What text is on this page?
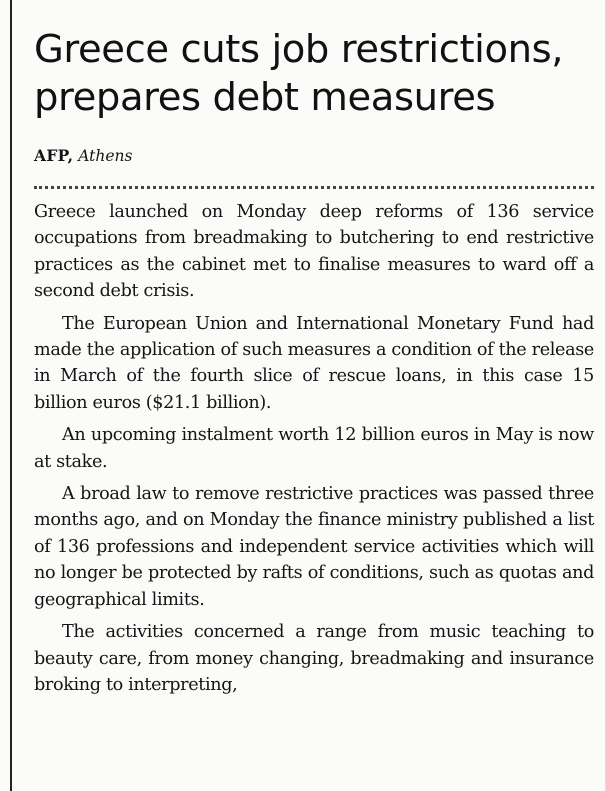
Greece cuts job restrictions, prepares debt measures
AFP, Athens

Greece launched on Monday deep reforms of 136 service occupations from breadmaking to butchering to end restrictive practices as the cabinet met to finalise measures to ward off a second debt crisis.

The European Union and International Monetary Fund had made the application of such measures a condition of the release in March of the fourth slice of rescue loans, in this case 15 billion euros ($21.1 billion).

An upcoming instalment worth 12 billion euros in May is now at stake.

A broad law to remove restrictive practices was passed three months ago, and on Monday the finance ministry published a list of 136 professions and independent service activities which will no longer be protected by rafts of conditions, such as quotas and geographical limits.

The activities concerned a range from music teaching to beauty care, from money changing, breadmaking and insurance broking to interpreting,
